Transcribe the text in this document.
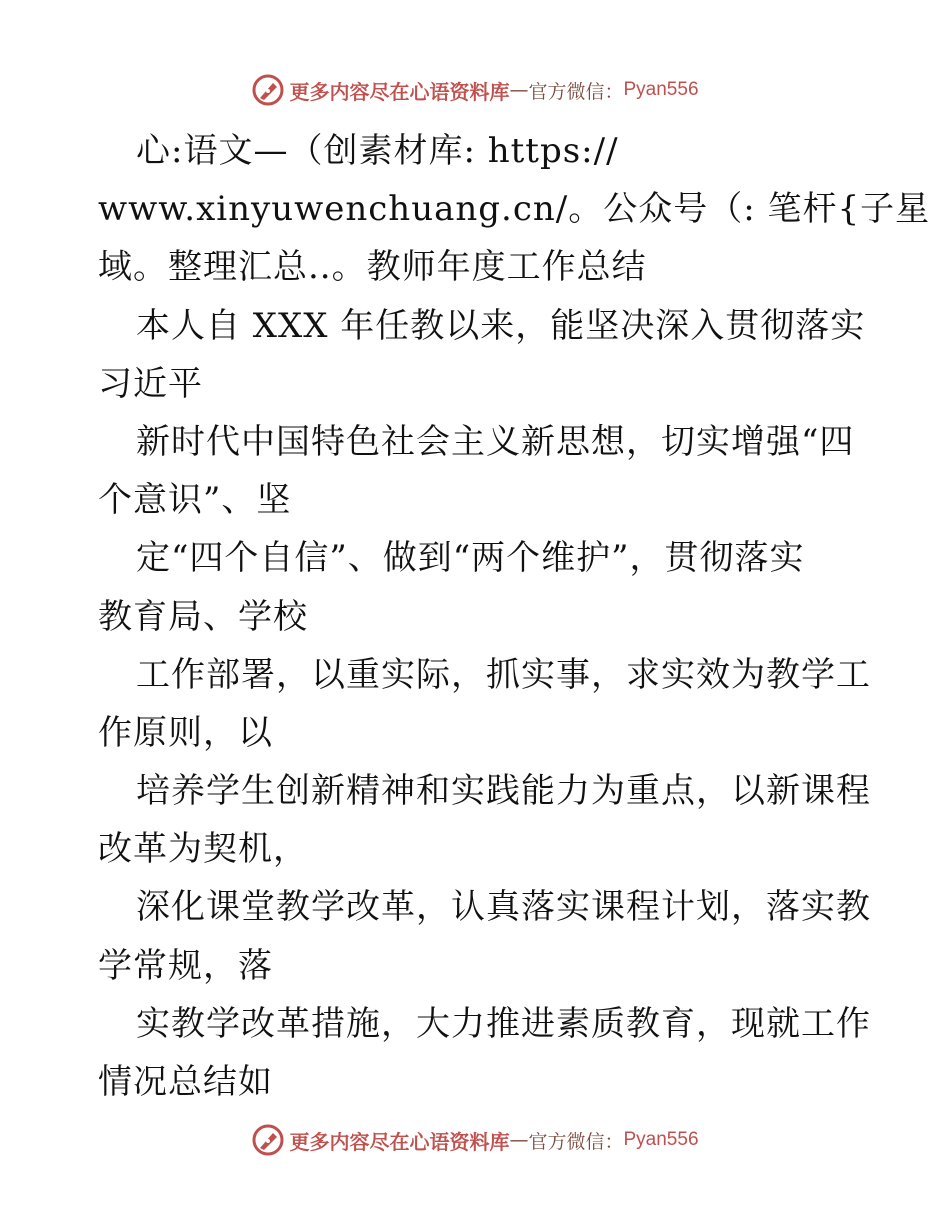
更多内容尽在心语资料库 — 官方微信： Pyan556
心:语文—（创素材库: https://
www.xinyuwenchuang.cn/。公众号（: 笔杆{子星
域。整理汇总..。教师年度工作总结
本人自 XXX 年任教以来，能坚决深入贯彻落实
习近平
新时代中国特色社会主义新思想，切实增强“四
个意识”、坚
定“四个自信”、做到“两个维护”，贯彻落实
教育局、学校
工作部署，以重实际，抓实事，求实效为教学工
作原则，以
培养学生创新精神和实践能力为重点，以新课程
改革为契机，
深化课堂教学改革，认真落实课程计划，落实教
学常规，落
实教学改革措施，大力推进素质教育，现就工作
情况总结如
更多内容尽在心语资料库 — 官方微信： Pyan556
